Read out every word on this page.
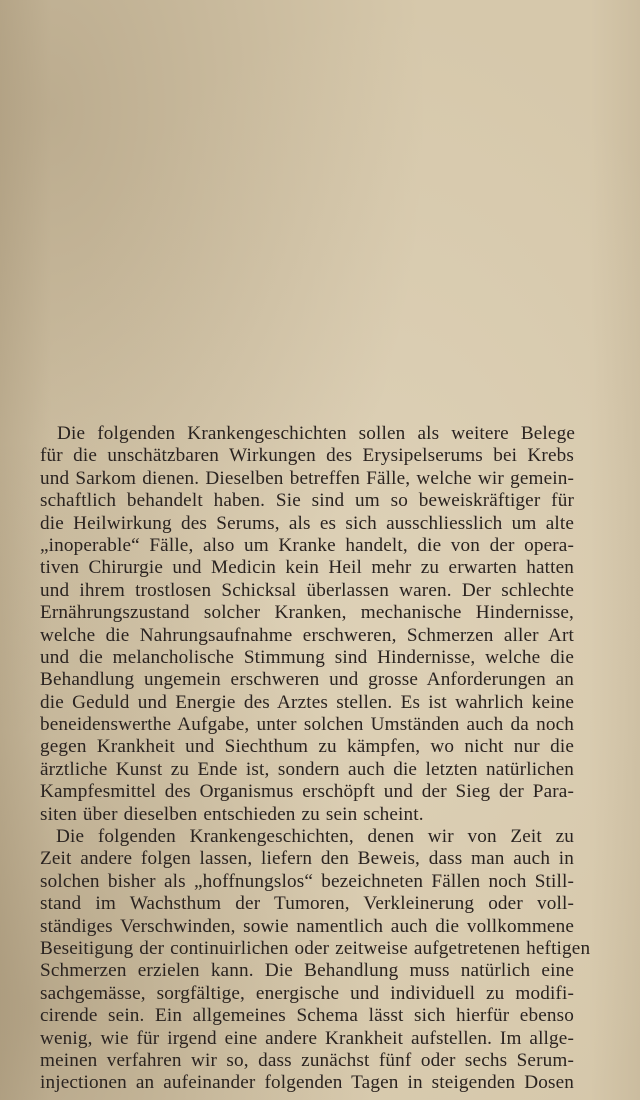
Die folgenden Krankengeschichten sollen als weitere Belege
für die unschätzbaren Wirkungen des Erysipelserums bei Krebs
und Sarkom dienen. Dieselben betreffen Fälle, welche wir gemein-
schaftlich behandelt haben. Sie sind um so beweiskräftiger für
die Heilwirkung des Serums, als es sich ausschliesslich um alte
„inoperable“ Fälle, also um Kranke handelt, die von der opera-
tiven Chirurgie und Medicin kein Heil mehr zu erwarten hatten
und ihrem trostlosen Schicksal überlassen waren. Der schlechte
Ernährungszustand solcher Kranken, mechanische Hindernisse,
welche die Nahrungsaufnahme erschweren, Schmerzen aller Art
und die melancholische Stimmung sind Hindernisse, welche die
Behandlung ungemein erschweren und grosse Anforderungen an
die Geduld und Energie des Arztes stellen. Es ist wahrlich keine
beneidenswerthe Aufgabe, unter solchen Umständen auch da noch
gegen Krankheit und Siechthum zu kämpfen, wo nicht nur die
ärztliche Kunst zu Ende ist, sondern auch die letzten natürlichen
Kampfesmittel des Organismus erschöpft und der Sieg der Para-
siten über dieselben entschieden zu sein scheint.
Die folgenden Krankengeschichten, denen wir von Zeit zu
Zeit andere folgen lassen, liefern den Beweis, dass man auch in
solchen bisher als „hoffnungslos“ bezeichneten Fällen noch Still-
stand im Wachsthum der Tumoren, Verkleinerung oder voll-
ständiges Verschwinden, sowie namentlich auch die vollkommene
Beseitigung der continuirlichen oder zeitweise aufgetretenen heftigen
Schmerzen erzielen kann. Die Behandlung muss natürlich eine
sachgemässe, sorgfältige, energische und individuell zu modifi-
cirende sein. Ein allgemeines Schema lässt sich hierfür ebenso
wenig, wie für irgend eine andere Krankheit aufstellen. Im allge-
meinen verfahren wir so, dass zunächst fünf oder sechs Serum-
injectionen an aufeinander folgenden Tagen in steigenden Dosen
